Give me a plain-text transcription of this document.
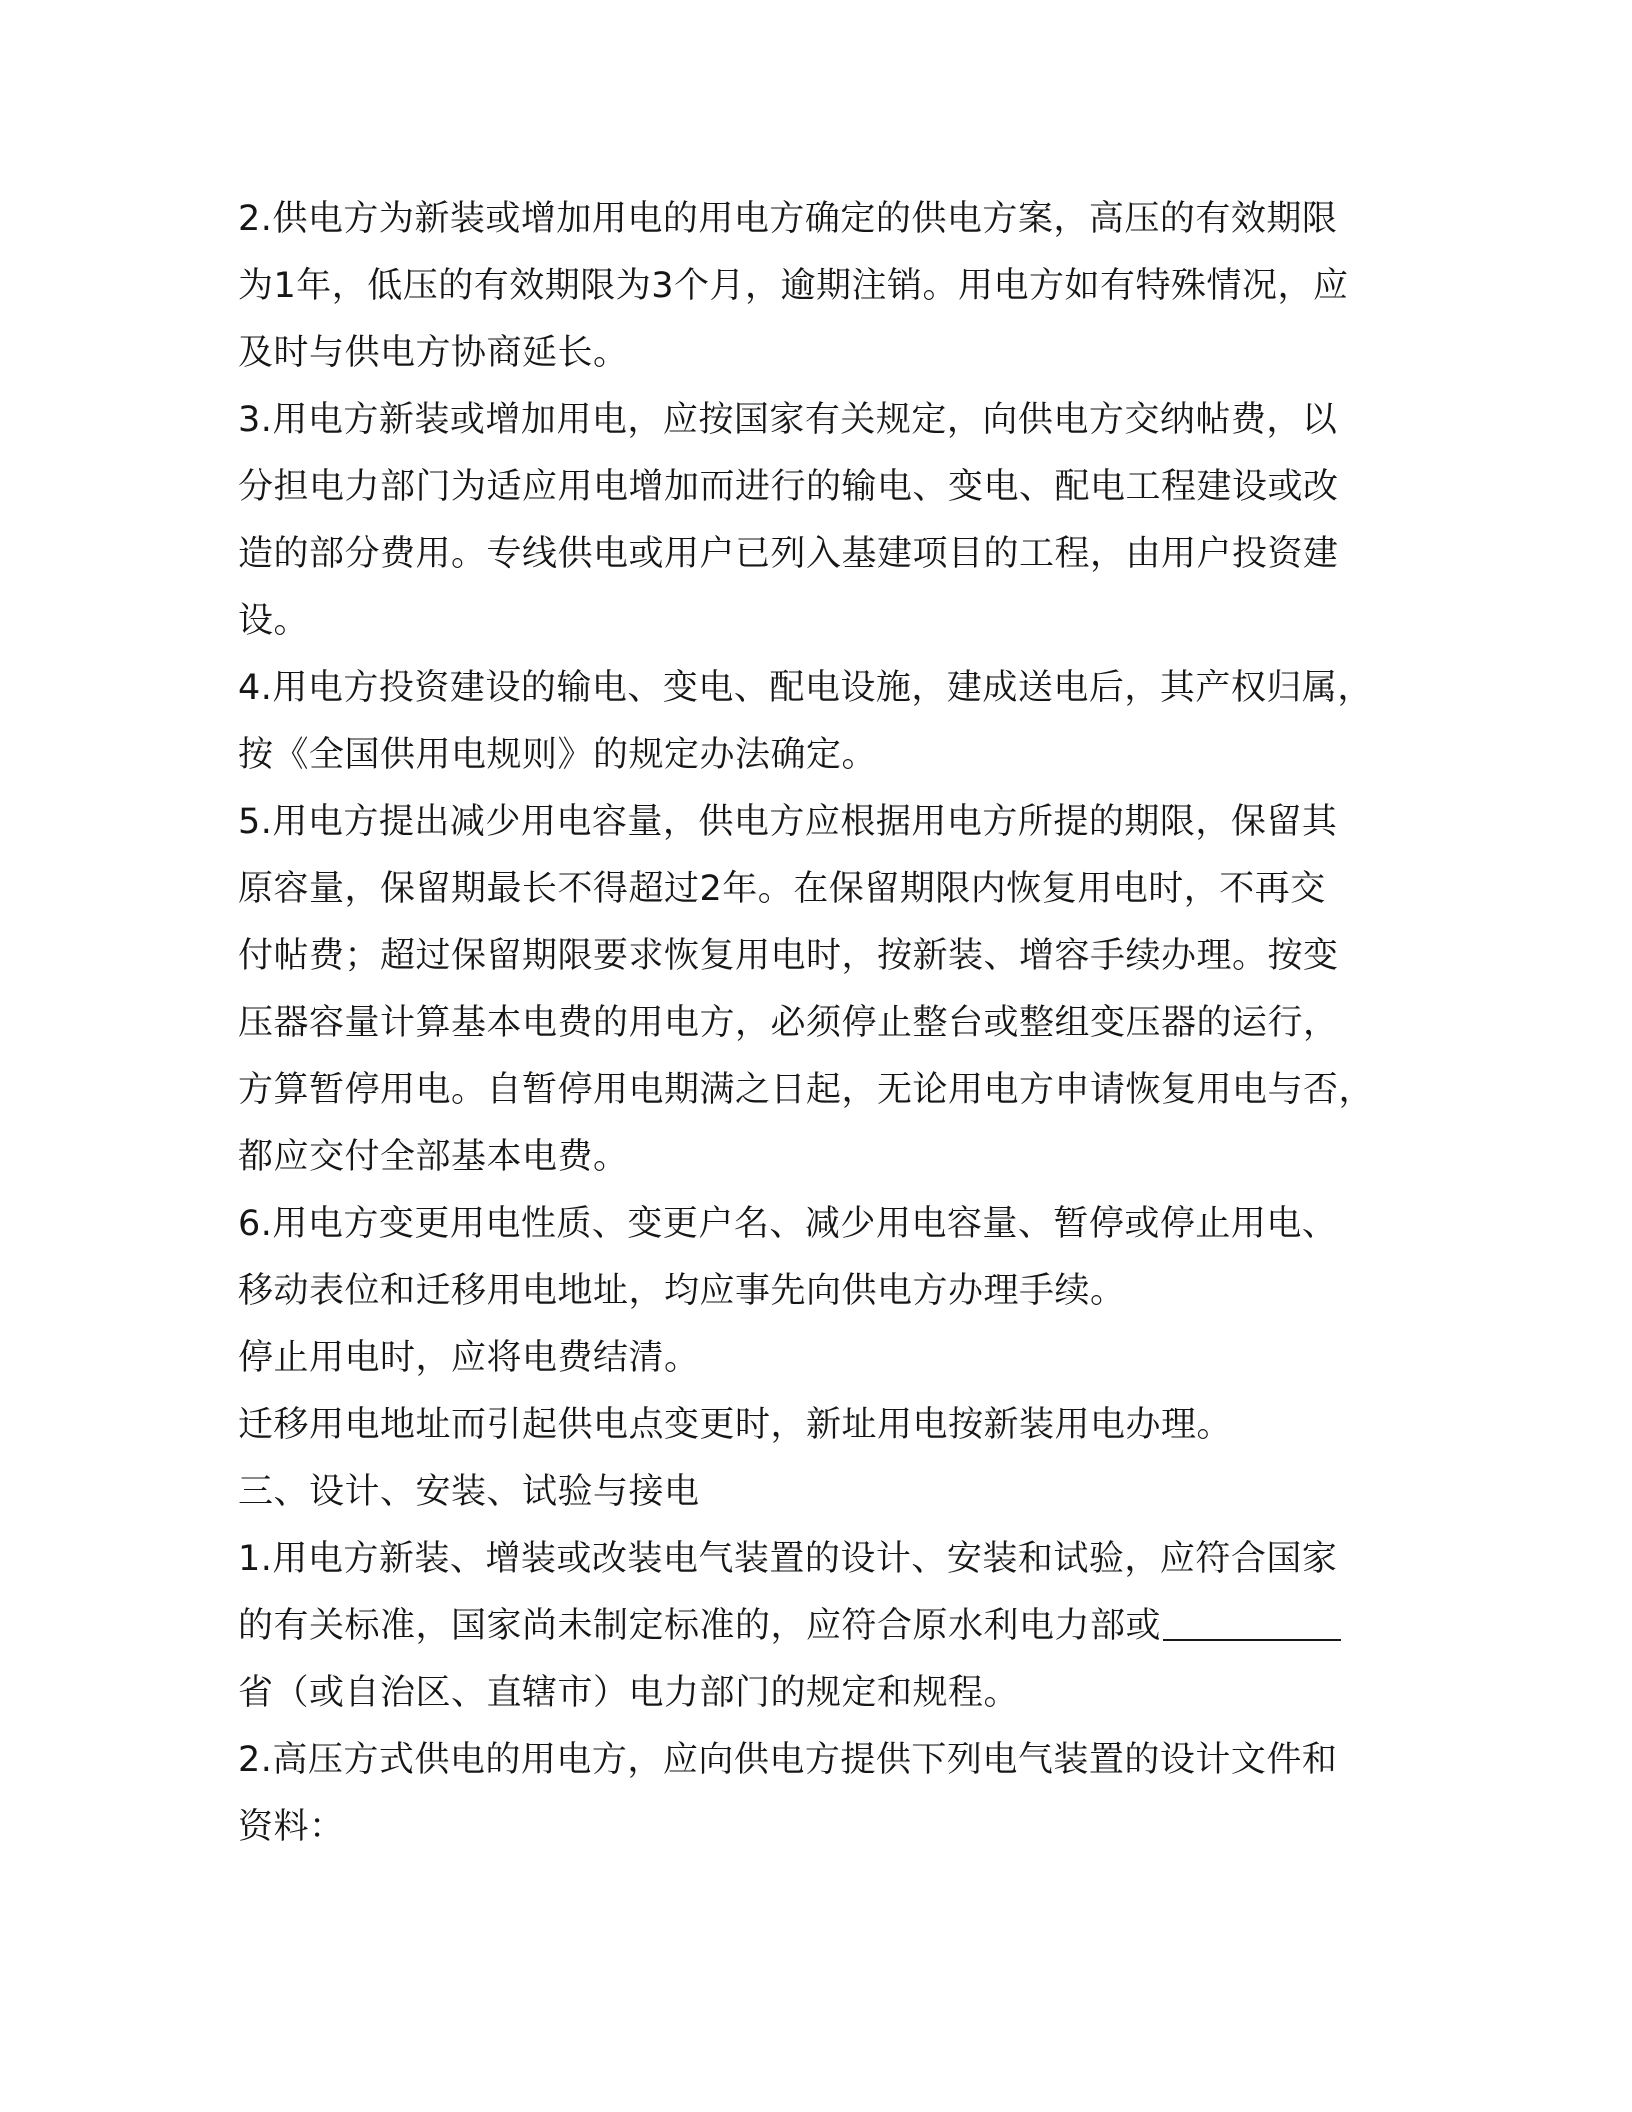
2.供电方为新装或增加用电的用电方确定的供电方案，高压的有效期限
为1年，低压的有效期限为3个月，逾期注销。用电方如有特殊情况，应
及时与供电方协商延长。
3.用电方新装或增加用电，应按国家有关规定，向供电方交纳帖费，以
分担电力部门为适应用电增加而进行的输电、变电、配电工程建设或改
造的部分费用。专线供电或用户已列入基建项目的工程，由用户投资建
设。
4.用电方投资建设的输电、变电、配电设施，建成送电后，其产权归属，
按《全国供用电规则》的规定办法确定。
5.用电方提出减少用电容量，供电方应根据用电方所提的期限，保留其
原容量，保留期最长不得超过2年。在保留期限内恢复用电时，不再交
付帖费；超过保留期限要求恢复用电时，按新装、增容手续办理。按变
压器容量计算基本电费的用电方，必须停止整台或整组变压器的运行，
方算暂停用电。自暂停用电期满之日起，无论用电方申请恢复用电与否，
都应交付全部基本电费。
6.用电方变更用电性质、变更户名、减少用电容量、暂停或停止用电、
移动表位和迁移用电地址，均应事先向供电方办理手续。
停止用电时，应将电费结清。
迁移用电地址而引起供电点变更时，新址用电按新装用电办理。
三、设计、安装、试验与接电
1.用电方新装、增装或改装电气装置的设计、安装和试验，应符合国家
的有关标准，国家尚未制定标准的，应符合原水利电力部或
省（或自治区、直辖市）电力部门的规定和规程。
2.高压方式供电的用电方，应向供电方提供下列电气装置的设计文件和
资料：
